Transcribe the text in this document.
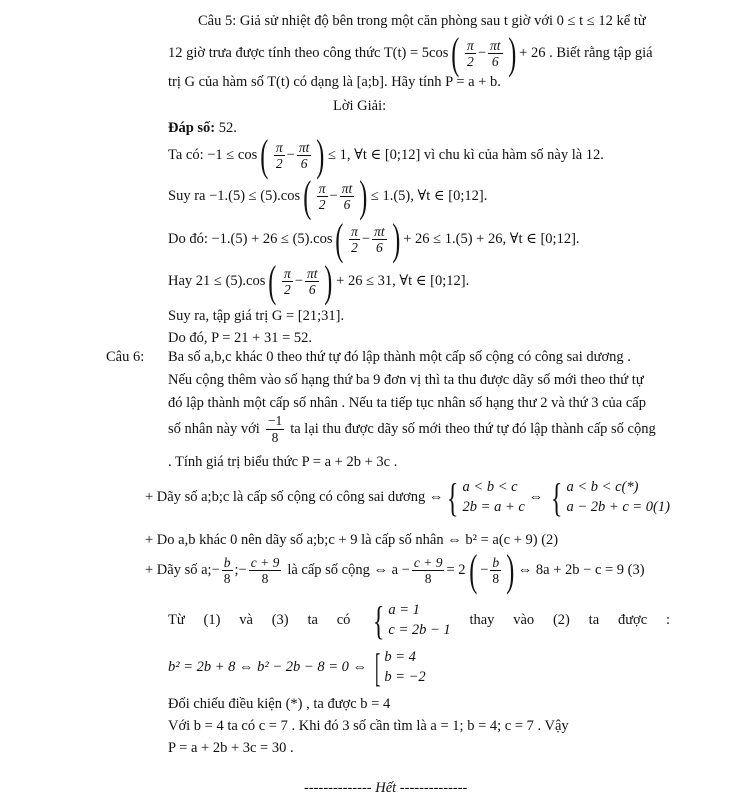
Câu 5: Giả sử nhiệt độ bên trong một căn phòng sau t giờ với 0 ≤ t ≤ 12 kể từ
12 giờ trưa được tính theo công thức T(t) = 5cos ( π
2
− $\frac{\pi t}{6}$ ) + 26 . Biết rằng tập giá
trị G của hàm số T(t) có dạng là [a;b]. Hãy tính P = a + b.
Lời Giải:
Đáp số: 52.
Ta có: −1 ≤ cos ( π
2
− $\frac{\pi t}{6}$ ) ≤ 1, ∀t ∈ [0;12] vì chu kì của hàm số này là 12.
Suy ra −1.(5) ≤ (5).cos ( π
2
− $\frac{\pi t}{6}$ ) ≤ 1.(5), ∀t ∈ [0;12].
Do đó: −1.(5) + 26 ≤ (5).cos ( π
2
− $\frac{\pi t}{6}$ ) + 26 ≤ 1.(5) + 26, ∀t ∈ [0;12].
Hay 21 ≤ (5).cos ( π
2
− $\frac{\pi t}{6}$ ) + 26 ≤ 31, ∀t ∈ [0;12].
Suy ra, tập giá trị G = [21;31].
Do đó, P = 21 + 31 = 52.
Câu 6: Ba số a,b,c khác 0 theo thứ tự đó lập thành một cấp số cộng có công sai dương .
Nếu cộng thêm vào số hạng thứ ba 9 đơn vị thì ta thu được dãy số mới theo thứ tự
đó lập thành một cấp số nhân . Nếu ta tiếp tục nhân số hạng thư 2 và thứ 3 của cấp
số nhân này với
−1
8
ta lại thu được dãy số mới theo thứ tự đó lập thành cấp số cộng
. Tính giá trị biểu thức P = a + 2b + 3c .
+ Dãy số a;b;c là cấp số cộng có công sai dương ⇔ { a < b < c
2b = a + c
⇔ { a < b < c(*)
a − 2b + c = 0(1)
+ Do a,b khác 0 nên dãy số a;b;c + 9 là cấp số nhân ⇔ b² = a(c + 9) (2)
+ Dãy số a;− $\frac{b}{8}$ ;− $\frac{c + 9}{8}$ là cấp số cộng ⇔ $a - \frac{c + 9}{8} = 2$ ( − $\frac{b}{8}$ ) ⇔ 8a + 2b − c = 9 (3)
Từ (1) và (3) ta có { a = 1
c = 2b − 1
thay vào (2) ta được :
b² = 2b + 8 ⇔ b² − 2b − 8 = 0 ⇔ [ b = 4
b = −2
Đối chiếu điều kiện (*) , ta được b = 4
Với b = 4 ta có c = 7 . Khi đó 3 số cần tìm là a = 1; b = 4; c = 7 . Vậy
P = a + 2b + 3c = 30 .
-------------- Hết --------------
